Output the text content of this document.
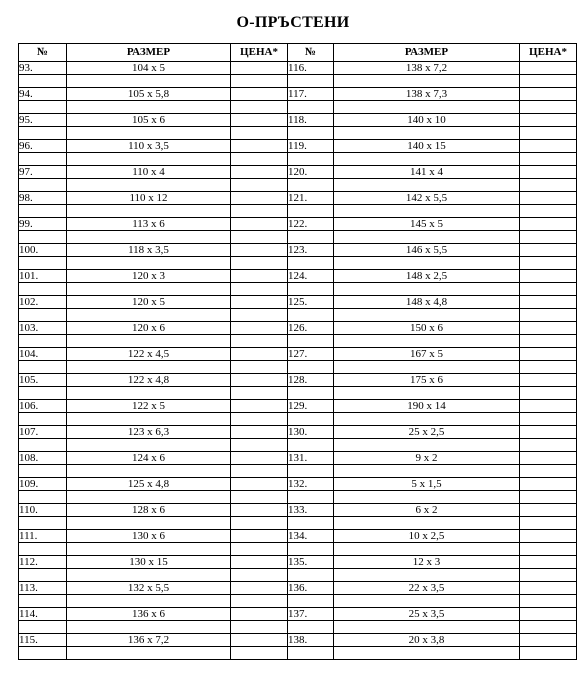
О-ПРЪСТЕНИ
№	РАЗМЕР	ЦЕНА*	№	РАЗМЕР	ЦЕНА*
93.	104 x 5		116.	138 x 7,2	

94.	105 x 5,8		117.	138 x 7,3	

95.	105 x 6		118.	140 x 10	

96.	110 x 3,5		119.	140 x 15	

97.	110 x 4		120.	141 x 4	

98.	110 x 12		121.	142 x 5,5	

99.	113 x 6		122.	145 x 5	

100.	118 x 3,5		123.	146 x 5,5	

101.	120 x 3		124.	148 x 2,5	

102.	120 x 5		125.	148 x 4,8	

103.	120 x 6		126.	150 x 6	

104.	122 x 4,5		127.	167 x 5	

105.	122 x 4,8		128.	175 x 6	

106.	122 x 5		129.	190 x 14	

107.	123 x 6,3		130.	25 x 2,5	

108.	124 x 6		131.	9 x 2	

109.	125 x 4,8		132.	5 x 1,5	

110.	128 x 6		133.	6 x 2	

111.	130 x 6		134.	10 x 2,5	

112.	130 x 15		135.	12 x 3	

113.	132 x 5,5		136.	22 x 3,5	

114.	136 x 6		137.	25 x 3,5	

115.	136 x 7,2		138.	20 x 3,8	
